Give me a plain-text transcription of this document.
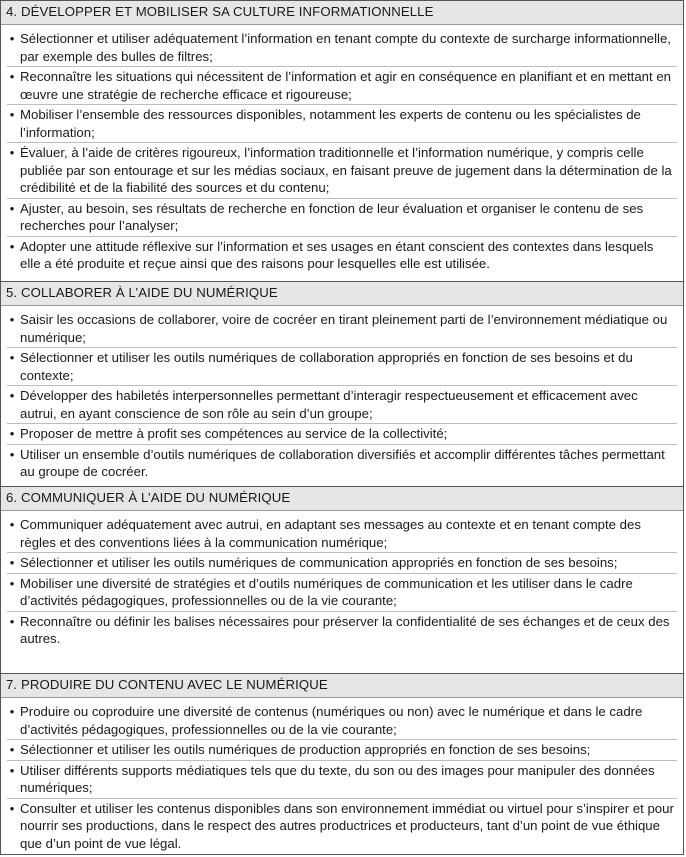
4. DÉVELOPPER ET MOBILISER SA CULTURE INFORMATIONNELLE
• Sélectionner et utiliser adéquatement l’information en tenant compte du contexte de surcharge informationnelle, par exemple des bulles de filtres;
• Reconnaître les situations qui nécessitent de l’information et agir en conséquence en planifiant et en mettant en œuvre une stratégie de recherche efficace et rigoureuse;
• Mobiliser l’ensemble des ressources disponibles, notamment les experts de contenu ou les spécialistes de l’information;
• Évaluer, à l’aide de critères rigoureux, l’information traditionnelle et l’information numérique, y compris celle publiée par son entourage et sur les médias sociaux, en faisant preuve de jugement dans la détermination de la crédibilité et de la fiabilité des sources et du contenu;
• Ajuster, au besoin, ses résultats de recherche en fonction de leur évaluation et organiser le contenu de ses recherches pour l’analyser;
• Adopter une attitude réflexive sur l’information et ses usages en étant conscient des contextes dans lesquels elle a été produite et reçue ainsi que des raisons pour lesquelles elle est utilisée.
5. COLLABORER À L’AIDE DU NUMÉRIQUE
• Saisir les occasions de collaborer, voire de cocréer en tirant pleinement parti de l’environnement médiatique ou numérique;
• Sélectionner et utiliser les outils numériques de collaboration appropriés en fonction de ses besoins et du contexte;
• Développer des habiletés interpersonnelles permettant d’interagir respectueusement et efficacement avec autrui, en ayant conscience de son rôle au sein d’un groupe;
• Proposer de mettre à profit ses compétences au service de la collectivité;
• Utiliser un ensemble d’outils numériques de collaboration diversifiés et accomplir différentes tâches permettant au groupe de cocréer.
6. COMMUNIQUER À L’AIDE DU NUMÉRIQUE
• Communiquer adéquatement avec autrui, en adaptant ses messages au contexte et en tenant compte des règles et des conventions liées à la communication numérique;
• Sélectionner et utiliser les outils numériques de communication appropriés en fonction de ses besoins;
• Mobiliser une diversité de stratégies et d’outils numériques de communication et les utiliser dans le cadre d’activités pédagogiques, professionnelles ou de la vie courante;
• Reconnaître ou définir les balises nécessaires pour préserver la confidentialité de ses échanges et de ceux des autres.
7. PRODUIRE DU CONTENU AVEC LE NUMÉRIQUE
• Produire ou coproduire une diversité de contenus (numériques ou non) avec le numérique et dans le cadre d’activités pédagogiques, professionnelles ou de la vie courante;
• Sélectionner et utiliser les outils numériques de production appropriés en fonction de ses besoins;
• Utiliser différents supports médiatiques tels que du texte, du son ou des images pour manipuler des données numériques;
• Consulter et utiliser les contenus disponibles dans son environnement immédiat ou virtuel pour s’inspirer et pour nourrir ses productions, dans le respect des autres productrices et producteurs, tant d’un point de vue éthique que d’un point de vue légal.
